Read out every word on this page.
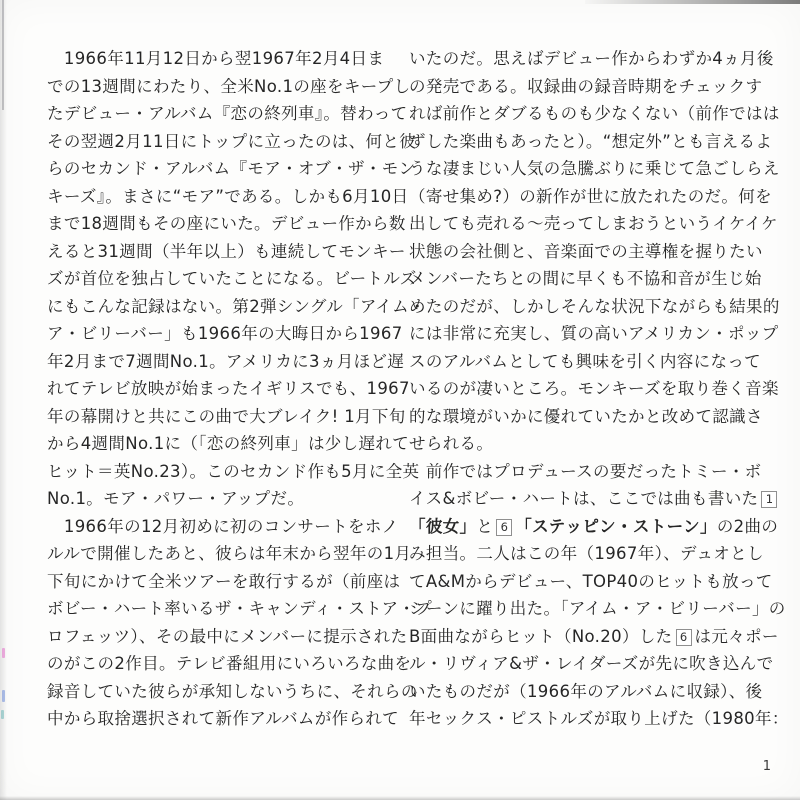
　1966年11月12日から翌1967年2月4日ま
での13週間にわたり、全米No.1の座をキープし
たデビュー・アルバム『恋の終列車』。替わって
その翌週2月11日にトップに立ったのは、何と彼
らのセカンド・アルバム『モア・オブ・ザ・モン
キーズ』。まさに“モア”である。しかも6月10日
まで18週間もその座にいた。デビュー作から数
えると31週間（半年以上）も連続してモンキー
ズが首位を独占していたことになる。ビートルズ
にもこんな記録はない。第2弾シングル「アイム・
ア・ビリーバー」も1966年の大晦日から1967
年2月まで7週間No.1。アメリカに3ヵ月ほど遅
れてテレビ放映が始まったイギリスでも、1967
年の幕開けと共にこの曲で大ブレイク! 1月下旬
から4週間No.1に（「恋の終列車」は少し遅れて
ヒット＝英No.23）。このセカンド作も5月に全英
No.1。モア・パワー・アップだ。
　1966年の12月初めに初のコンサートをホノ
ルルで開催したあと、彼らは年末から翌年の1月
下旬にかけて全米ツアーを敢行するが（前座は
ボビー・ハート率いるザ・キャンディ・ストア・プ
ロフェッツ）、その最中にメンバーに提示された
のがこの2作目。テレビ番組用にいろいろな曲を
録音していた彼らが承知しないうちに、それらの
中から取捨選択されて新作アルバムが作られて
いたのだ。思えばデビュー作からわずか4ヵ月後
の発売である。収録曲の録音時期をチェックす
れば前作とダブるものも少なくない（前作ではは
ずした楽曲もあったと）。“想定外”とも言えるよ
うな凄まじい人気の急騰ぶりに乗じて急ごしらえ
（寄せ集め?）の新作が世に放たれたのだ。何を
出しても売れる～売ってしまおうというイケイケ
状態の会社側と、音楽面での主導権を握りたい
メンバーたちとの間に早くも不協和音が生じ始
めたのだが、しかしそんな状況下ながらも結果的
には非常に充実し、質の高いアメリカン・ポップ
スのアルバムとしても興味を引く内容になって
いるのが凄いところ。モンキーズを取り巻く音楽
的な環境がいかに優れていたかと改めて認識さ
せられる。
　前作ではプロデュースの要だったトミー・ボ
イス&ボビー・ハートは、ここでは曲も書いた 1
「彼女」と 6 「ステッピン・ストーン」の2曲の
み担当。二人はこの年（1967年）、デュオとし
てA&Mからデビュー、TOP40のヒットも放って
シーンに躍り出た。「アイム・ア・ビリーバー」の
B面曲ながらヒット（No.20）した 6 は元々ポー
ル・リヴィア&ザ・レイダーズが先に吹き込んで
いたものだが（1966年のアルバムに収録）、後
年セックス・ピストルズが取り上げた（1980年：
1
